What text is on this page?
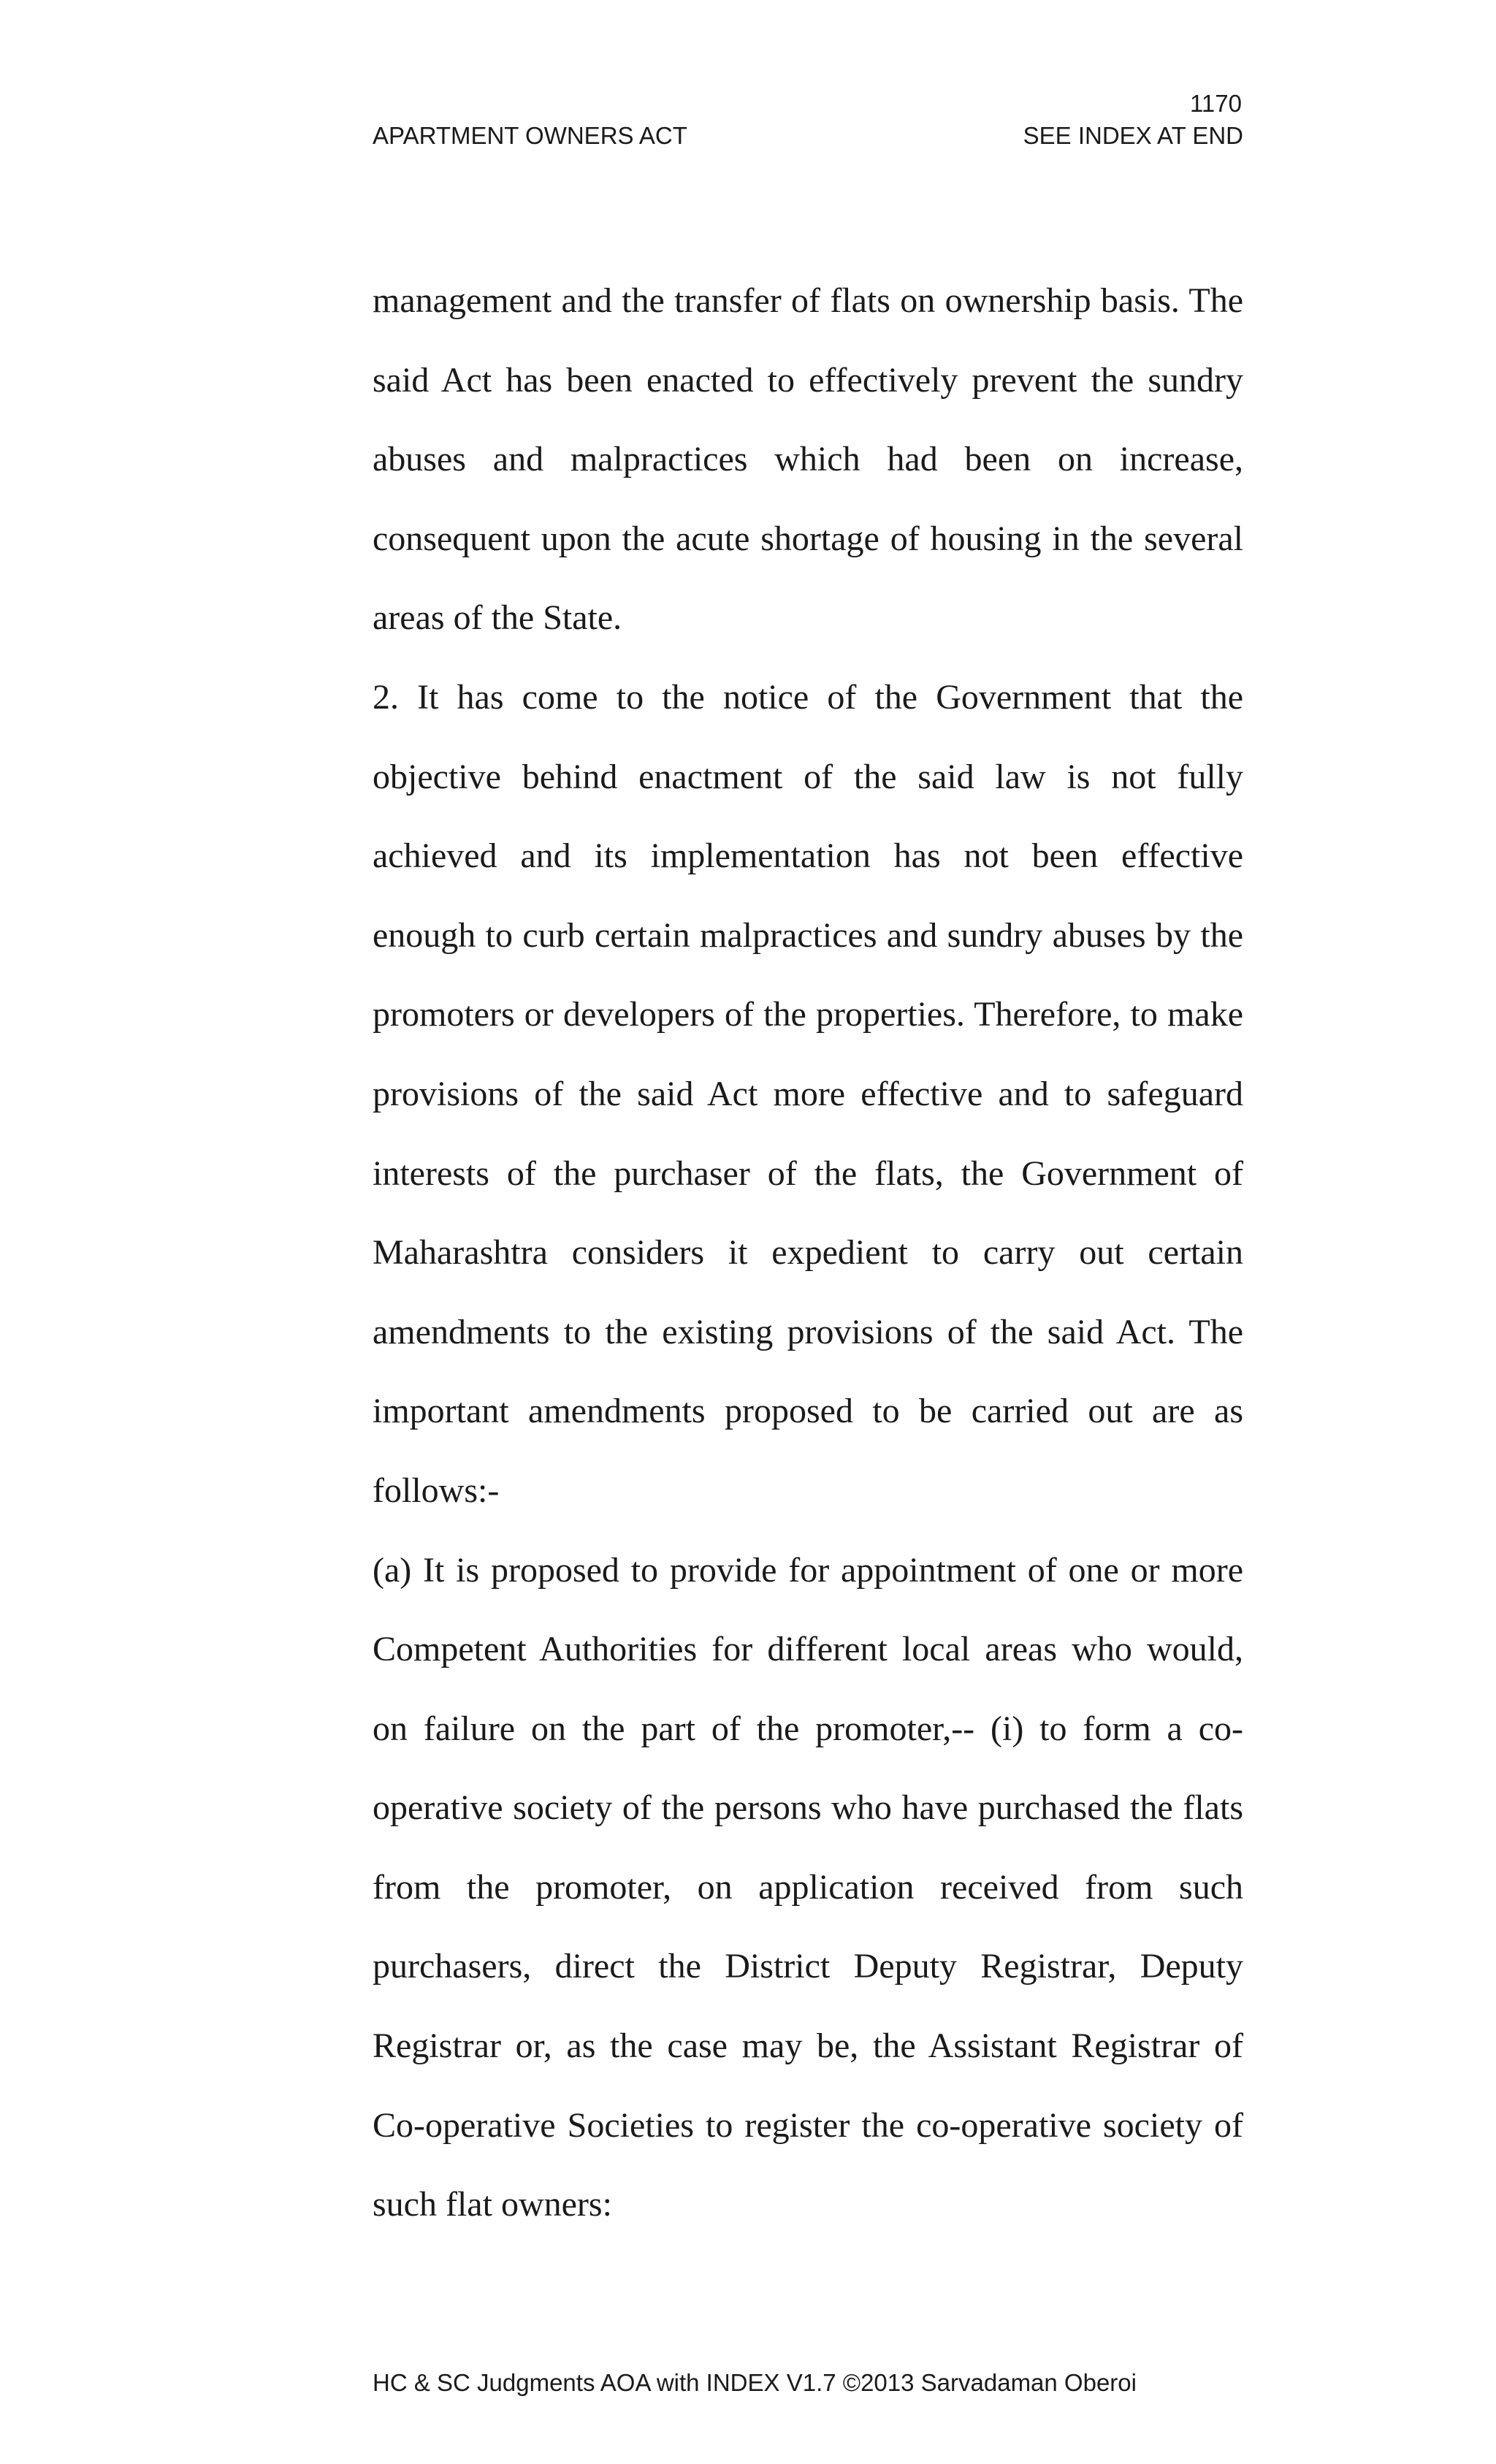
1170
APARTMENT OWNERS ACT	SEE INDEX AT END

management and the transfer of flats on ownership basis. The said Act has been enacted to effectively prevent the sundry abuses and malpractices which had been on increase, consequent upon the acute shortage of housing in the several areas of the State.

2. It has come to the notice of the Government that the objective behind enactment of the said law is not fully achieved and its implementation has not been effective enough to curb certain malpractices and sundry abuses by the promoters or developers of the properties. Therefore, to make provisions of the said Act more effective and to safeguard interests of the purchaser of the flats, the Government of Maharashtra considers it expedient to carry out certain amendments to the existing provisions of the said Act. The important amendments proposed to be carried out are as follows:-

(a) It is proposed to provide for appointment of one or more Competent Authorities for different local areas who would, on failure on the part of the promoter,-- (i) to form a co-operative society of the persons who have purchased the flats from the promoter, on application received from such purchasers, direct the District Deputy Registrar, Deputy Registrar or, as the case may be, the Assistant Registrar of Co-operative Societies to register the co-operative society of such flat owners:

HC & SC Judgments AOA with INDEX V1.7 ©2013 Sarvadaman Oberoi
